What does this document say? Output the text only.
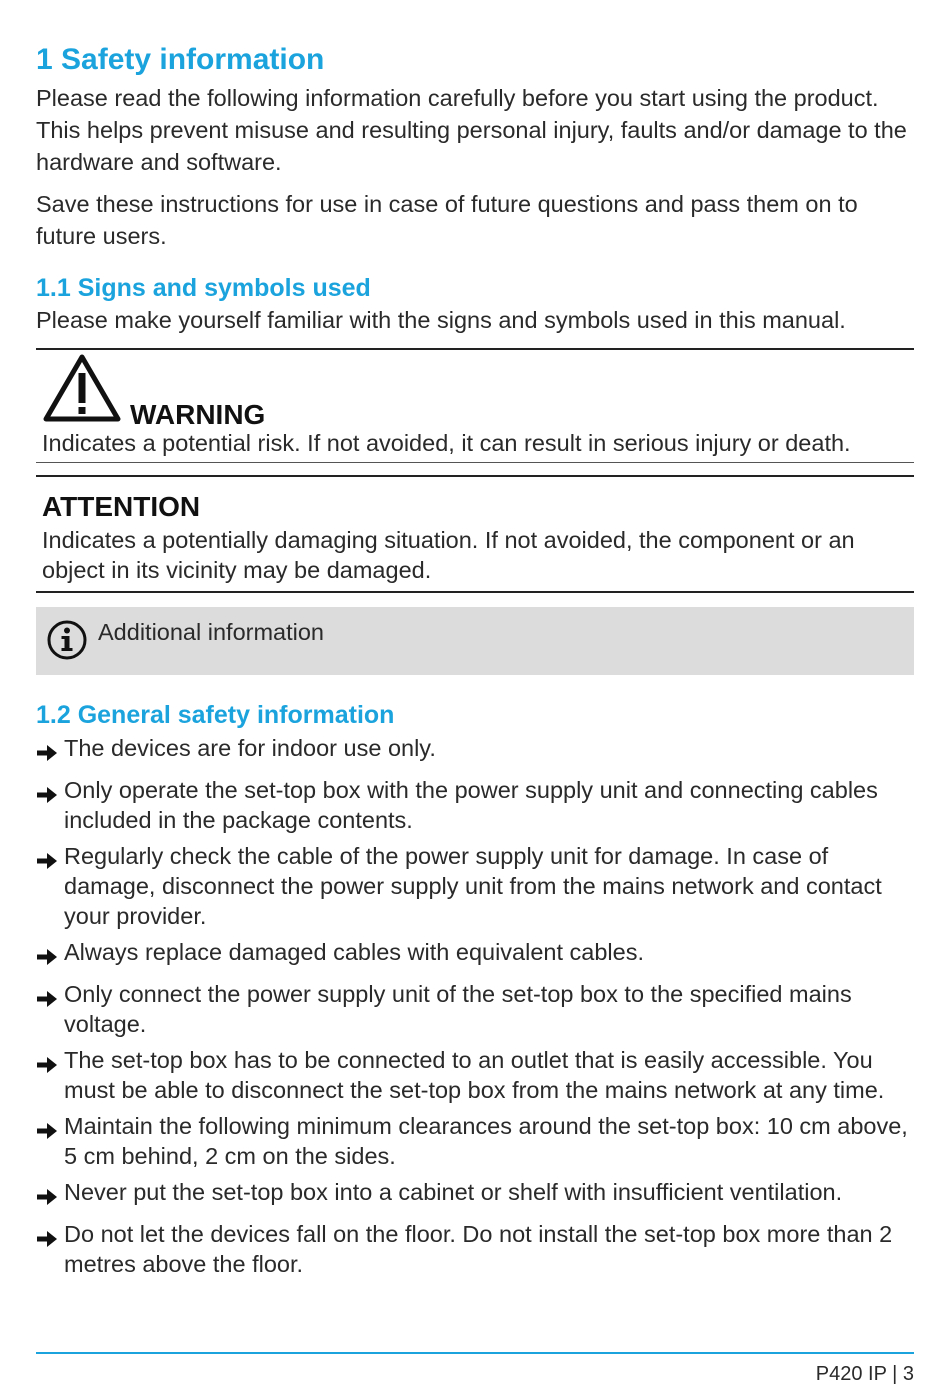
1 Safety information

Please read the following information carefully before you start using the product. This helps prevent misuse and resulting personal injury, faults and/or damage to the hardware and software.

Save these instructions for use in case of future questions and pass them on to future users.

1.1 Signs and symbols used

Please make yourself familiar with the signs and symbols used in this manual.

WARNING
Indicates a potential risk. If not avoided, it can result in serious injury or death.
ATTENTION
Indicates a potentially damaging situation. If not avoided, the component or an object in its vicinity may be damaged.
Additional information
1.2 General safety information
The devices are for indoor use only.
Only operate the set-top box with the power supply unit and connecting cables included in the package contents.
Regularly check the cable of the power supply unit for damage. In case of damage, disconnect the power supply unit from the mains network and contact your provider.
Always replace damaged cables with equivalent cables.
Only connect the power supply unit of the set-top box to the specified mains voltage.
The set-top box has to be connected to an outlet that is easily accessible. You must be able to disconnect the set-top box from the mains network at any time.
Maintain the following minimum clearances around the set-top box: 10 cm above, 5 cm behind, 2 cm on the sides.
Never put the set-top box into a cabinet or shelf with insufficient ventilation.
Do not let the devices fall on the floor. Do not install the set-top box more than 2 metres above the floor.
P420 IP | 3
